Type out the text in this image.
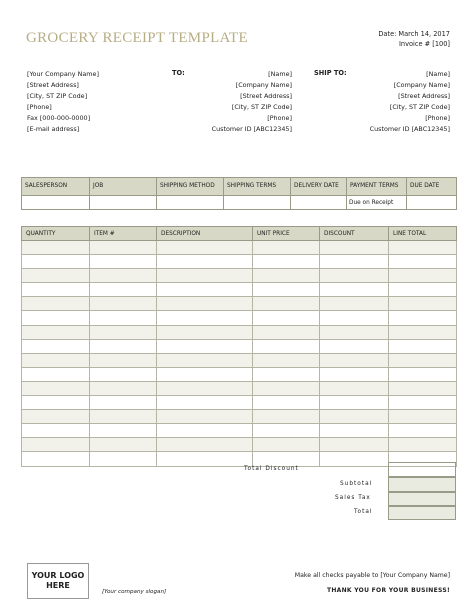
GROCERY RECEIPT TEMPLATE	Date: March 14, 2017
Invoice # [100]
[Your Company Name]
[Street Address]
[City, ST ZIP Code]
[Phone]
Fax [000-000-0000]
[E-mail address]
TO:	[Name]
[Company Name]
[Street Address]
[City, ST ZIP Code]
[Phone]
Customer ID [ABC12345]
SHIP TO:	[Name]
[Company Name]
[Street Address]
[City, ST ZIP Code]
[Phone]
Customer ID [ABC12345]
SALESPERSON	JOB	SHIPPING METHOD	SHIPPING TERMS	DELIVERY DATE	PAYMENT TERMS	DUE DATE
					Due on Receipt	
QUANTITY	ITEM #	DESCRIPTION	UNIT PRICE	DISCOUNT	LINE TOTAL

Total Discount
Subtotal
Sales Tax
Total
YOUR LOGO
HERE
[Your company slogan]
Make all checks payable to [Your Company Name]
THANK YOU FOR YOUR BUSINESS!
